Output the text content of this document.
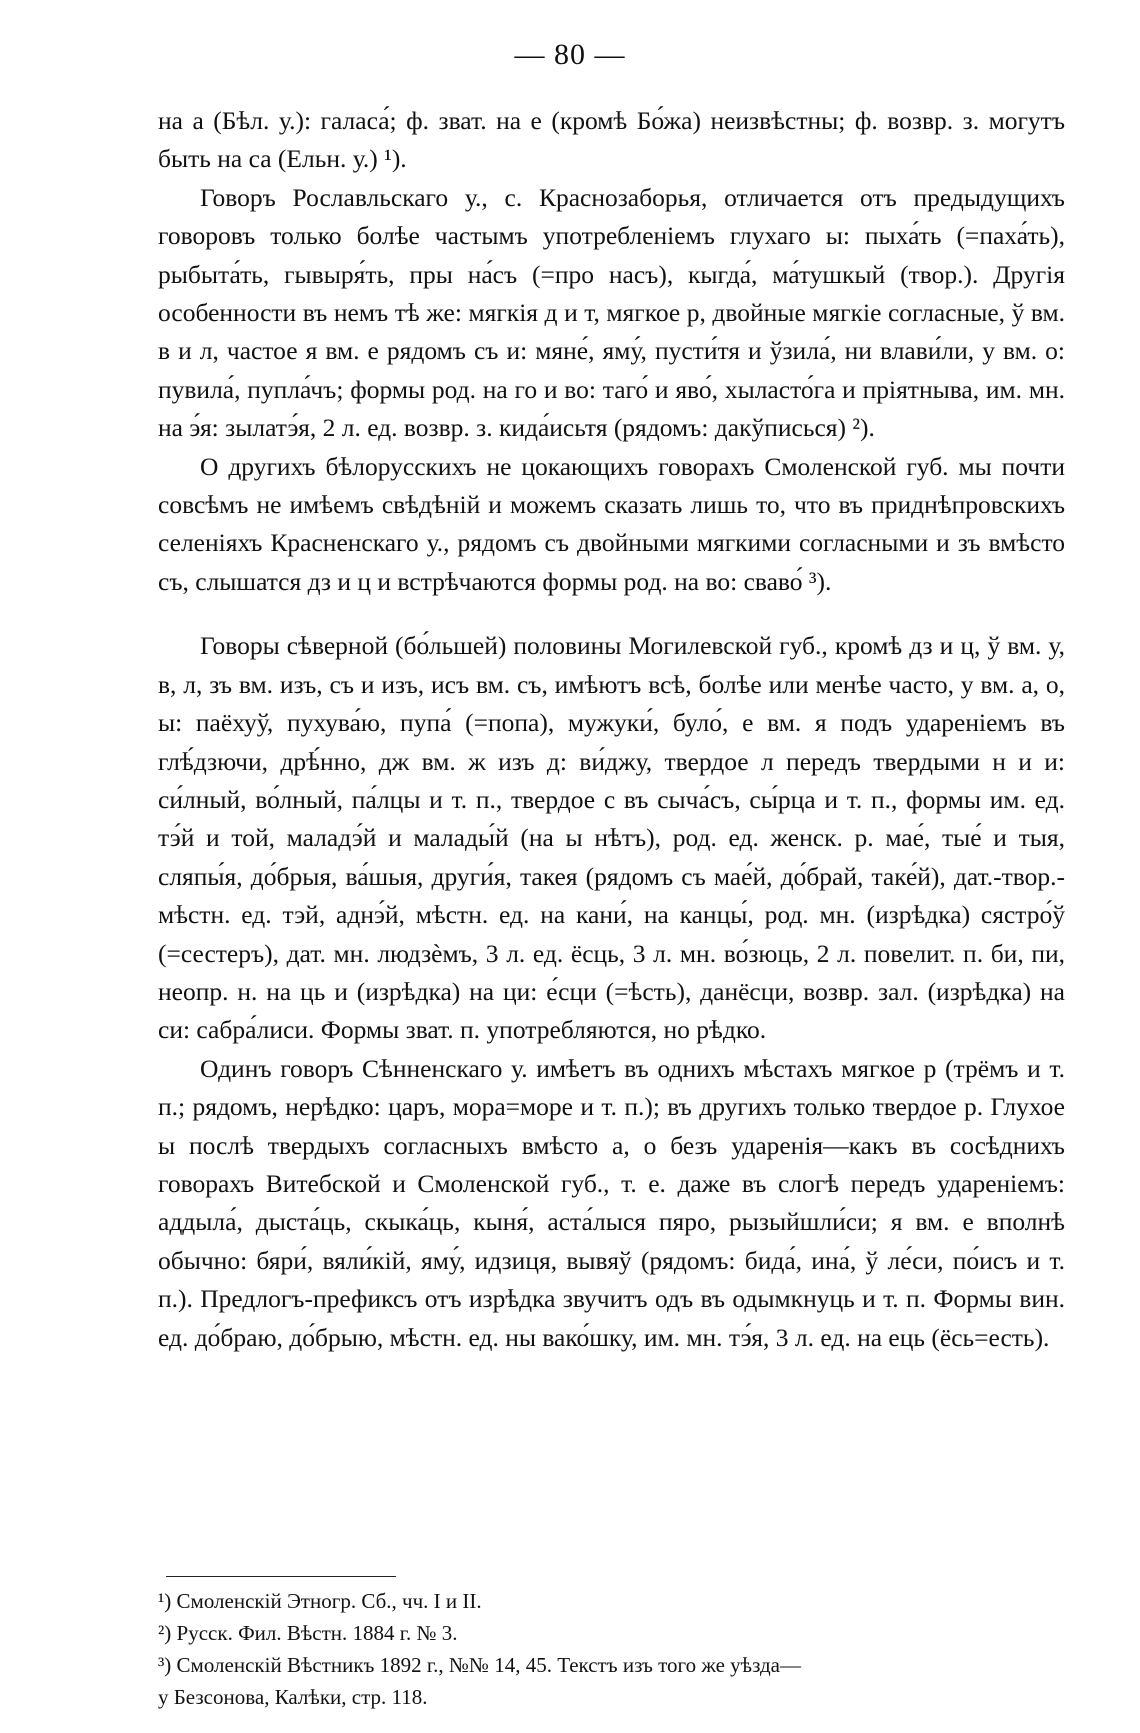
— 80 —

на а (Бѣл. у.): галаса́; ф. зват. на е (кромѣ Бо́жа) неизвѣстны; ф. возвр. з. могутъ быть на са (Ельн. у.) ¹).

Говоръ Рославльскаго у., с. Краснозаборья, отличается отъ предыдущихъ говоровъ только болѣе частымъ употребленіемъ глухаго ы: пыха́ть (=паха́ть), рыбыта́ть, гывыря́ть, пры на́съ (=про насъ), кыгда́, ма́тушкый (твор.). Другія особенности въ немъ тѣ же: мягкія д и т, мягкое р, двойные мягкіе согласные, ў вм. в и л, частое я вм. е рядомъ съ и: мяне́, яму́, пусти́тя и ўзила́, ни влави́ли, у вм. о: пувила́, пупла́чъ; формы род. на го и во: таго́ и яво́, хыласто́га и пріятныва, им. мн. на э́я: зылатэ́я, 2 л. ед. возвр. з. кида́исьтя (рядомъ: дакўписься) ²).

О другихъ бѣлорусскихъ не цокающихъ говорахъ Смоленской губ. мы почти совсѣмъ не имѣемъ свѣдѣній и можемъ сказать лишь то, что въ приднѣпровскихъ селеніяхъ Красненскаго у., рядомъ съ двойными мягкими согласными и зъ вмѣсто съ, слышатся дз и ц и встрѣчаются формы род. на во: сваво́ ³).

Говоры сѣверной (бо́льшей) половины Могилевской губ., кромѣ дз и ц, ў вм. у, в, л, зъ вм. изъ, съ и изъ, исъ вм. съ, имѣютъ всѣ, болѣе или менѣе часто, у вм. а, о, ы: паёхуў, пухува́ю, пупа́ (=попа), мужуки́, було́, е вм. я подъ удареніемъ въ глѣ́дзючи, дрѣ́нно, дж вм. ж изъ д: ви́джу, твердое л передъ твердыми н и и: си́лный, во́лный, па́лцы и т. п., твердое с въ сыча́съ, сы́рца и т. п., формы им. ед. тэ́й и той, маладэ́й и малады́й (на ы нѣтъ), род. ед. женск. р. мае́, тые́ и тыя, сляпы́я, до́брыя, ва́шыя, други́я, такея (рядомъ съ мае́й, до́брай, таке́й), дат.-твор.-мѣстн. ед. тэй, аднэ́й, мѣстн. ед. на кани́, на канцы́, род. мн. (изрѣдка) сястро́ў (=сестеръ), дат. мн. людзѐмъ, 3 л. ед. ёсць, 3 л. мн. во́зюць, 2 л. повелит. п. би, пи, неопр. н. на ць и (изрѣдка) на ци: е́сци (=ѣсть), данёсци, возвр. зал. (изрѣдка) на си: сабра́лиси. Формы зват. п. употребляются, но рѣдко.

Одинъ говоръ Сѣнненскаго у. имѣетъ въ однихъ мѣстахъ мягкое р (трёмъ и т. п.; рядомъ, нерѣдко: царъ, мора=море и т. п.); въ другихъ только твердое р. Глухое ы послѣ твердыхъ согласныхъ вмѣсто а, о безъ ударенія—какъ въ сосѣднихъ говорахъ Витебской и Смоленской губ., т. е. даже въ слогѣ передъ удареніемъ: аддыла́, дыста́ць, скыка́ць, кыня́, аста́лыся пяро, рызыйшли́си; я вм. е вполнѣ обычно: бяри́, вяли́кій, яму́, идзиця, вывяў (рядомъ: бида́, ина́, ў ле́си, по́исъ и т. п.). Предлогъ-префиксъ отъ изрѣдка звучитъ одъ въ одымкнуць и т. п. Формы вин. ед. до́браю, до́брыю, мѣстн. ед. ны вако́шку, им. мн. тэ́я, 3 л. ед. на ець (ёсь=есть).

¹) Смоленскій Этногр. Сб., чч. I и II.

²) Русск. Фил. Вѣстн. 1884 г. № 3.

³) Смоленскій Вѣстникъ 1892 г., №№ 14, 45. Текстъ изъ того же уѣзда—

у Безсонова, Калѣки, стр. 118.
